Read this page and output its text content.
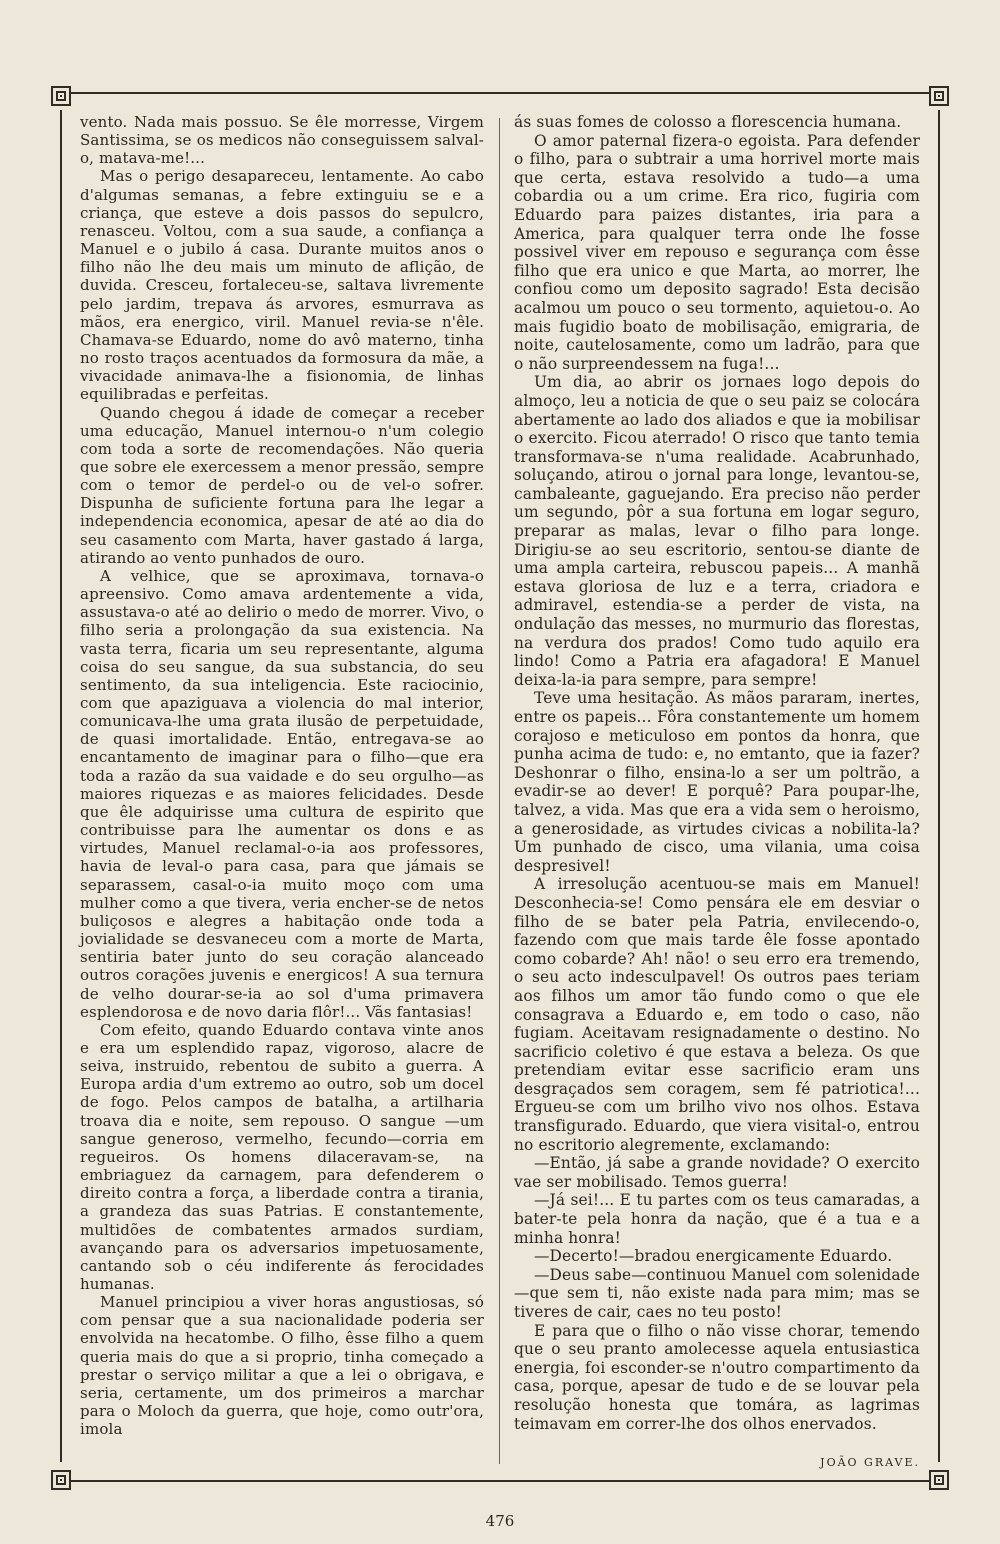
vento. Nada mais possuo. Se êle morresse, Virgem Santissima, se os medicos não conseguissem salval-o, matava-me!...

Mas o perigo desapareceu, lentamente. Ao cabo d'algumas semanas, a febre extinguiu se e a criança, que esteve a dois passos do sepulcro, renasceu. Voltou, com a sua saude, a confiança a Manuel e o jubilo á casa. Durante muitos anos o filho não lhe deu mais um minuto de aflição, de duvida. Cresceu, fortaleceu-se, saltava livremente pelo jardim, trepava ás arvores, esmurrava as mãos, era energico, viril. Manuel revia-se n'êle. Chamava-se Eduardo, nome do avô materno, tinha no rosto traços acentuados da formosura da mãe, a vivacidade animava-lhe a fisionomia, de linhas equilibradas e perfeitas.

Quando chegou á idade de começar a receber uma educação, Manuel internou-o n'um colegio com toda a sorte de recomendações. Não queria que sobre ele exercessem a menor pressão, sempre com o temor de perdel-o ou de vel-o sofrer. Dispunha de suficiente fortuna para lhe legar a independencia economica, apesar de até ao dia do seu casamento com Marta, haver gastado á larga, atirando ao vento punhados de ouro.

A velhice, que se aproximava, tornava-o apreensivo. Como amava ardentemente a vida, assustava-o até ao delirio o medo de morrer. Vivo, o filho seria a prolongação da sua existencia. Na vasta terra, ficaria um seu representante, alguma coisa do seu sangue, da sua substancia, do seu sentimento, da sua inteligencia. Este raciocinio, com que apaziguava a violencia do mal interior, comunicava-lhe uma grata ilusão de perpetuidade, de quasi imortalidade. Então, entregava-se ao encantamento de imaginar para o filho—que era toda a razão da sua vaidade e do seu orgulho—as maiores riquezas e as maiores felicidades. Desde que êle adquirisse uma cultura de espirito que contribuisse para lhe aumentar os dons e as virtudes, Manuel reclamal-o-ia aos professores, havia de leval-o para casa, para que jámais se separassem, casal-o-ia muito moço com uma mulher como a que tivera, veria encher-se de netos buliçosos e alegres a habitação onde toda a jovialidade se desvaneceu com a morte de Marta, sentiria bater junto do seu coração alanceado outros corações juvenis e energicos! A sua ternura de velho dourar-se-ia ao sol d'uma primavera esplendorosa e de novo daria flôr!... Vãs fantasias!

Com efeito, quando Eduardo contava vinte anos e era um esplendido rapaz, vigoroso, alacre de seiva, instruido, rebentou de subito a guerra. A Europa ardia d'um extremo ao outro, sob um docel de fogo. Pelos campos de batalha, a artilharia troava dia e noite, sem repouso. O sangue —um sangue generoso, vermelho, fecundo—corria em regueiros. Os homens dilaceravam-se, na embriaguez da carnagem, para defenderem o direito contra a força, a liberdade contra a tirania, a grandeza das suas Patrias. E constantemente, multidões de combatentes armados surdiam, avançando para os adversarios impetuosamente, cantando sob o céu indiferente ás ferocidades humanas.

Manuel principiou a viver horas angustiosas, só com pensar que a sua nacionalidade poderia ser envolvida na hecatombe. O filho, êsse filho a quem queria mais do que a si proprio, tinha começado a prestar o serviço militar a que a lei o obrigava, e seria, certamente, um dos primeiros a marchar para o Moloch da guerra, que hoje, como outr'ora, imola

ás suas fomes de colosso a florescencia humana.

O amor paternal fizera-o egoista. Para defender o filho, para o subtrair a uma horrivel morte mais que certa, estava resolvido a tudo—a uma cobardia ou a um crime. Era rico, fugiria com Eduardo para paizes distantes, iria para a America, para qualquer terra onde lhe fosse possivel viver em repouso e segurança com êsse filho que era unico e que Marta, ao morrer, lhe confiou como um deposito sagrado! Esta decisão acalmou um pouco o seu tormento, aquietou-o. Ao mais fugidio boato de mobilisação, emigraria, de noite, cautelosamente, como um ladrão, para que o não surpreendessem na fuga!...

Um dia, ao abrir os jornaes logo depois do almoço, leu a noticia de que o seu paiz se colocára abertamente ao lado dos aliados e que ia mobilisar o exercito. Ficou aterrado! O risco que tanto temia transformava-se n'uma realidade. Acabrunhado, soluçando, atirou o jornal para longe, levantou-se, cambaleante, gaguejando. Era preciso não perder um segundo, pôr a sua fortuna em logar seguro, preparar as malas, levar o filho para longe. Dirigiu-se ao seu escritorio, sentou-se diante de uma ampla carteira, rebuscou papeis... A manhã estava gloriosa de luz e a terra, criadora e admiravel, estendia-se a perder de vista, na ondulação das messes, no murmurio das florestas, na verdura dos prados! Como tudo aquilo era lindo! Como a Patria era afagadora! E Manuel deixa-la-ia para sempre, para sempre!

Teve uma hesitação. As mãos pararam, inertes, entre os papeis... Fôra constantemente um homem corajoso e meticuloso em pontos da honra, que punha acima de tudo: e, no emtanto, que ia fazer? Deshonrar o filho, ensina-lo a ser um poltrão, a evadir-se ao dever! E porquê? Para poupar-lhe, talvez, a vida. Mas que era a vida sem o heroismo, a generosidade, as virtudes civicas a nobilita-la? Um punhado de cisco, uma vilania, uma coisa despresivel!

A irresolução acentuou-se mais em Manuel! Desconhecia-se! Como pensára ele em desviar o filho de se bater pela Patria, envilecendo-o, fazendo com que mais tarde êle fosse apontado como cobarde? Ah! não! o seu erro era tremendo, o seu acto indesculpavel! Os outros paes teriam aos filhos um amor tão fundo como o que ele consagrava a Eduardo e, em todo o caso, não fugiam. Aceitavam resignadamente o destino. No sacrificio coletivo é que estava a beleza. Os que pretendiam evitar esse sacrificio eram uns desgraçados sem coragem, sem fé patriotica!... Ergueu-se com um brilho vivo nos olhos. Estava transfigurado. Eduardo, que viera visital-o, entrou no escritorio alegremente, exclamando:

—Então, já sabe a grande novidade? O exercito vae ser mobilisado. Temos guerra!

—Já sei!... E tu partes com os teus camaradas, a bater-te pela honra da nação, que é a tua e a minha honra!

—Decerto!—bradou energicamente Eduardo.

—Deus sabe—continuou Manuel com solenidade—que sem ti, não existe nada para mim; mas se tiveres de cair, caes no teu posto!

E para que o filho o não visse chorar, temendo que o seu pranto amolecesse aquela entusiastica energia, foi esconder-se n'outro compartimento da casa, porque, apesar de tudo e de se louvar pela resolução honesta que tomára, as lagrimas teimavam em correr-lhe dos olhos enervados.

JOÃO GRAVE.
476
